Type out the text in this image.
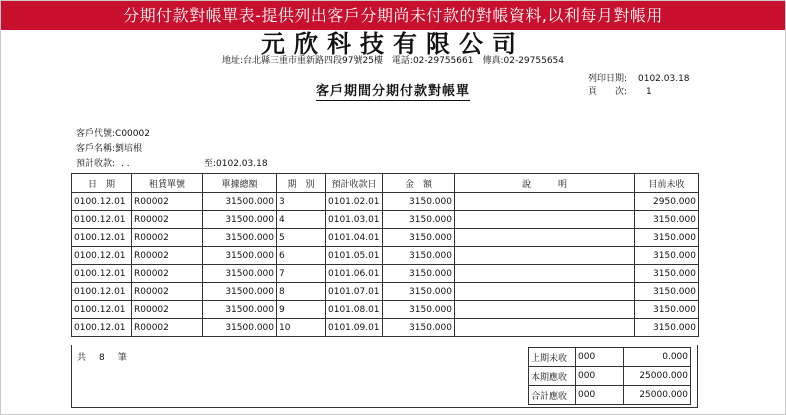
分期付款對帳單表-提供列出客戶分期尚未付款的對帳資料,以利每月對帳用
元欣科技有限公司
地址:台北縣三重市重新路四段97號25樓　電話:02-29755661　傳真:02-29755654
客戶期間分期付款對帳單
列印日期:	0102.03.18
頁　　次:	1
客戶代號:C00002
客戶名稱:劉培根
預計收款: . .	至:0102.03.18
日　期	租賃單號	單據總額	期　別	預計收款日	金　額	說　　　明	目前未收
0100.12.01	R00002	31500.000	3	0101.02.01	3150.000		2950.000
0100.12.01	R00002	31500.000	4	0101.03.01	3150.000		3150.000
0100.12.01	R00002	31500.000	5	0101.04.01	3150.000		3150.000
0100.12.01	R00002	31500.000	6	0101.05.01	3150.000		3150.000
0100.12.01	R00002	31500.000	7	0101.06.01	3150.000		3150.000
0100.12.01	R00002	31500.000	8	0101.07.01	3150.000		3150.000
0100.12.01	R00002	31500.000	9	0101.08.01	3150.000		3150.000
0100.12.01	R00002	31500.000	10	0101.09.01	3150.000		3150.000
共　8　筆	上期未收	000	0.000
本期應收	000	25000.000
合計應收	000	25000.000
